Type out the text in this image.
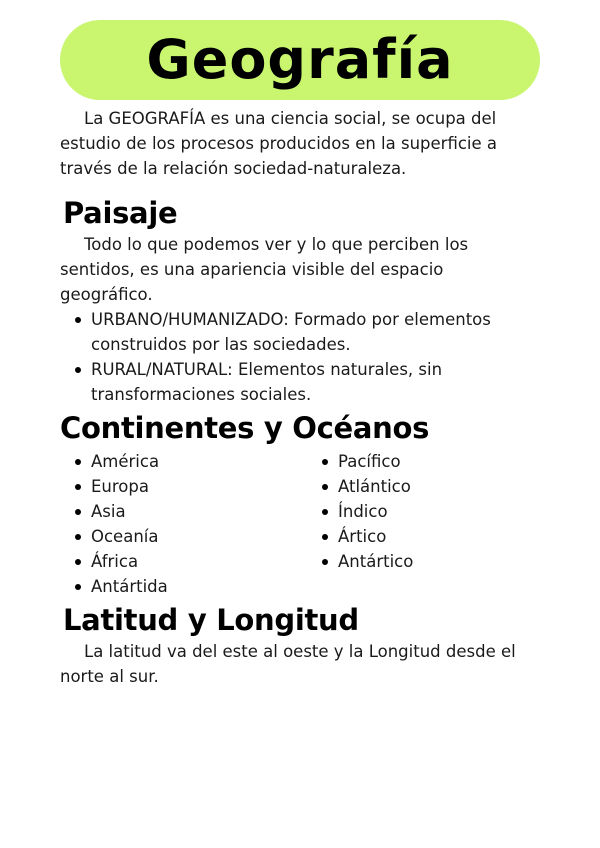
Geografía

La GEOGRAFÍA es una ciencia social, se ocupa del estudio de los procesos producidos en la superficie a través de la relación sociedad-naturaleza.

Paisaje

Todo lo que podemos ver y lo que perciben los sentidos, es una apariencia visible del espacio geográfico.

URBANO/HUMANIZADO: Formado por elementos construidos por las sociedades.
RURAL/NATURAL: Elementos naturales, sin transformaciones sociales.
Continentes y Océanos
América
Europa
Asia
Oceanía
África
Antártida
Pacífico
Atlántico
Índico
Ártico
Antártico
Latitud y Longitud

La latitud va del este al oeste y la Longitud desde el norte al sur.
